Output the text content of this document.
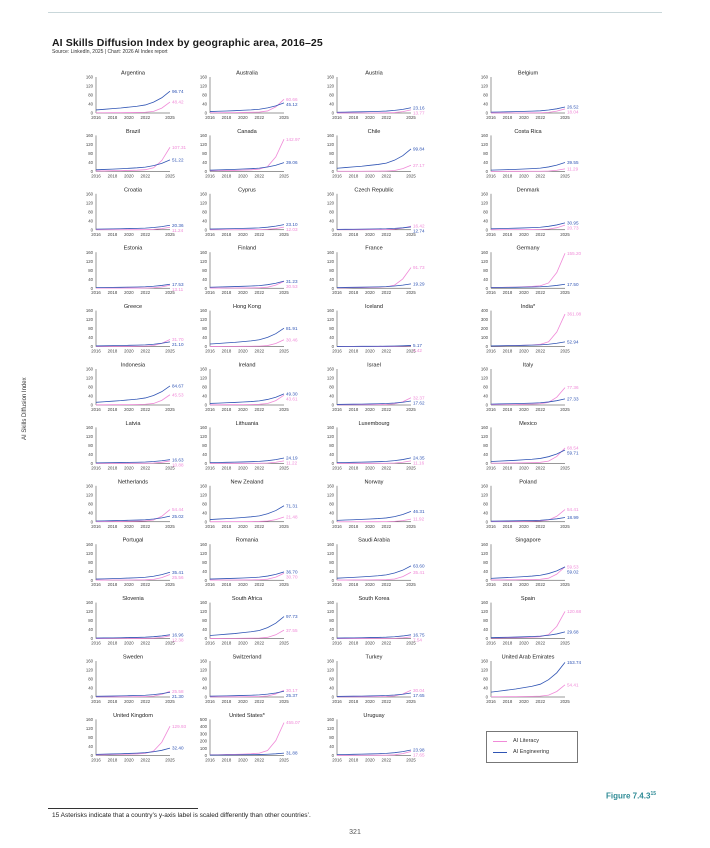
AI Skills Diffusion Index by geographic area, 2016–25
Source: LinkedIn, 2025 | Chart: 2026 AI Index report
AI Skills Diffusion Index
Argentina
0
40
80
120
160
2016 2018 2020 2022	2025
48.42
96.74
Australia
0
40
80
120
160
2016 2018 2020 2022	2025
60.66
45.12
Austria
0
40
80
120
160
2016 2018 2020 2022	2025
13.77
23.16
Belgium
0
40
80
120
160
2016 2018 2020 2022	2025
18.04
26.52
Brazil
0
40
80
120
160
2016 2018 2020 2022	2025
107.31
51.22
Canada
0
40
80
120
160
2016 2018 2020 2022	2025
142.97
39.06
Chile
0
40
80
120
160
2016 2018 2020 2022	2025
27.17
99.84
Costa Rica
0
40
80
120
160
2016 2018 2020 2022	2025
11.29
39.55
Croatia
0
40
80
120
160
2016 2018 2020 2022	2025
11.24
20.36
Cyprus
0
40
80
120
160
2016 2018 2020 2022	2025
12.03
23.10
Czech Republic
0
40
80
120
160
2016 2018 2020 2022	2025
16.42
12.74
Denmark
0
40
80
120
160
2016 2018 2020 2022	2025
20.73
30.95
Estonia
0
40
80
120
160
2016 2018 2020 2022	2025
13.11
17.53
Finland
0
40
80
120
160
2016 2018 2020 2022	2025
30.53
31.23
France
0
40
80
120
160
2016 2018 2020 2022	2025
91.73
19.29
Germany
0
40
80
120
160
2016 2018 2020 2022	2025
155.20
17.50
Greece
0
40
80
120
160
2016 2018 2020 2022	2025
31.70
21.10
Hong Kong
0
40
80
120
160
2016 2018 2020 2022	2025
30.46
81.91
Iceland
0
40
80
120
160
2016 2018 2020 2022	2025
3.42
5.17
India*
0
100
200
300
400
2016 2018 2020 2022	2025
361.08
52.94
Indonesia
0
40
80
120
160
2016 2018 2020 2022	2025
45.53
84.67
Ireland
0
40
80
120
160
2016 2018 2020 2022	2025
43.61
49.30
Israel
0
40
80
120
160
2016 2018 2020 2022	2025
32.37
17.62
Italy
0
40
80
120
160
2016 2018 2020 2022	2025
77.36
27.33
Latvia
0
40
80
120
160
2016 2018 2020 2022	2025
10.88
16.63
Lithuania
0
40
80
120
160
2016 2018 2020 2022	2025
11.22
24.19
Luxembourg
0
40
80
120
160
2016 2018 2020 2022	2025
11.16
24.35
Mexico
0
40
80
120
160
2016 2018 2020 2022	2025
68.54
59.71
Netherlands
0
40
80
120
160
2016 2018 2020 2022	2025
54.44
25.02
New Zealand
0
40
80
120
160
2016 2018 2020 2022	2025
21.48
71.31
Norway
0
40
80
120
160
2016 2018 2020 2022	2025
11.92
46.31
Poland
0
40
80
120
160
2016 2018 2020 2022	2025
54.41
18.99
Portugal
0
40
80
120
160
2016 2018 2020 2022	2025
25.56
35.41
Romania
0
40
80
120
160
2016 2018 2020 2022	2025
30.70
36.70
Saudi Arabia
0
40
80
120
160
2016 2018 2020 2022	2025
35.41
63.60
Singapore
0
40
80
120
160
2016 2018 2020 2022	2025
59.53
59.02
Slovenia
0
40
80
120
160
2016 2018 2020 2022	2025
12.38
16.96
South Africa
0
40
80
120
160
2016 2018 2020 2022	2025
37.55
97.73
South Korea
0
40
80
120
160
2016 2018 2020 2022	2025
7.54
16.75
Spain
0
40
80
120
160
2016 2018 2020 2022	2025
120.68
29.68
Sweden
0
40
80
120
160
2016 2018 2020 2022	2025
25.58
21.30
Switzerland
0
40
80
120
160
2016 2018 2020 2022	2025
30.17
25.37
Turkey
0
40
80
120
160
2016 2018 2020 2022	2025
30.04
17.65
United Arab Emirates
0
40
80
120
160
2016 2018 2020 2022	2025
54.41
153.74
United Kingdom
0
40
80
120
160
2016 2018 2020 2022	2025
129.93
32.40
United States*
0
100
200
300
400
500
2016 2018 2020 2022	2025
455.07
31.88
Uruguay
0
40
80
120
160
2016 2018 2020 2022	2025
17.65
23.98
AI Literacy
AI Engineering
Figure 7.4.3$^{15}$
15 Asterisks indicate that a country’s y-axis label is scaled differently than other countries’.
321
